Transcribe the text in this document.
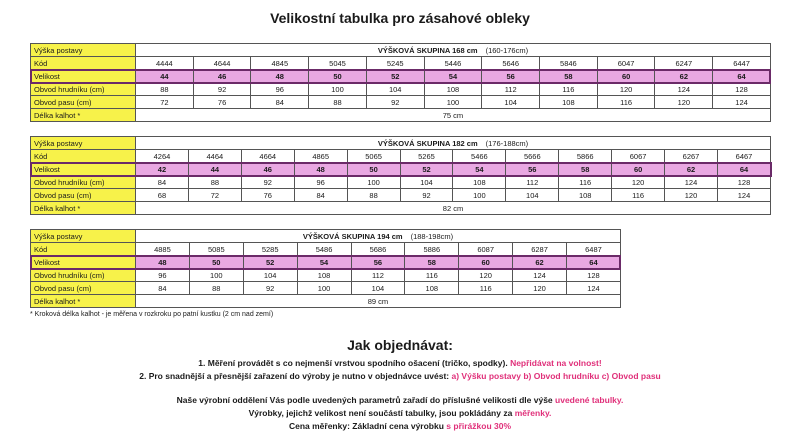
Velikostní tabulka pro zásahové obleky
Výška postavy	VÝŠKOVÁ SKUPINA 168 cm (160-176cm)										
Kód	4444	4644	4845	5045	5245	5446	5646	5846	6047	6247	6447
Velikost	44	46	48	50	52	54	56	58	60	62	64
Obvod hrudníku (cm)	88	92	96	100	104	108	112	116	120	124	128
Obvod pasu (cm)	72	76	84	88	92	100	104	108	116	120	124
Délka kalhot *	75 cm										
Výška postavy	VÝŠKOVÁ SKUPINA 182 cm (176-188cm)											
Kód	4264	4464	4664	4865	5065	5265	5466	5666	5866	6067	6267	6467
Velikost	42	44	46	48	50	52	54	56	58	60	62	64
Obvod hrudníku (cm)	84	88	92	96	100	104	108	112	116	120	124	128
Obvod pasu (cm)	68	72	76	84	88	92	100	104	108	116	120	124
Délka kalhot *	82 cm											
Výška postavy	VÝŠKOVÁ SKUPINA 194 cm (188-198cm)								
Kód	4885	5085	5285	5486	5686	5886	6087	6287	6487
Velikost	48	50	52	54	56	58	60	62	64
Obvod hrudníku (cm)	96	100	104	108	112	116	120	124	128
Obvod pasu (cm)	84	88	92	100	104	108	116	120	124
Délka kalhot *	89 cm								
* Kroková délka kalhot - je měřena v rozkroku po patní kustku (2 cm nad zemí)
Jak objednávat:
1. Měření provádět s co nejmenší vrstvou spodního ošacení (tričko, spodky). Nepřidávat na volnost!
2. Pro snadnější a přesnější zařazení do výroby je nutno v objednávce uvést: a) Výšku postavy b) Obvod hrudníku c) Obvod pasu
Naše výrobní oddělení Vás podle uvedených parametrů zařadí do příslušné velikosti dle výše uvedené tabulky.
Výrobky, jejichž velikost není součástí tabulky, jsou pokládány za měřenky.
Cena měřenky: Základní cena výrobku s přirážkou 30%
